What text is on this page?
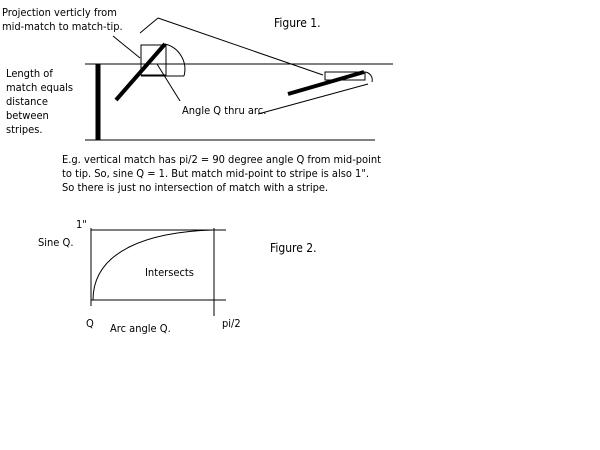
Projection verticly from
mid-match to match-tip.	Figure 1.
Length of
match equals
distance
between
stripes.
Angle Q thru arc.
E.g. vertical match has pi/2 = 90 degree angle Q from mid-point
to tip. So, sine Q = 1. But match mid-point to stripe is also 1".
So there is just no intersection of match with a stripe.
1"
Sine Q.	Figure 2.
Intersects
Q	pi/2
Arc angle Q.
